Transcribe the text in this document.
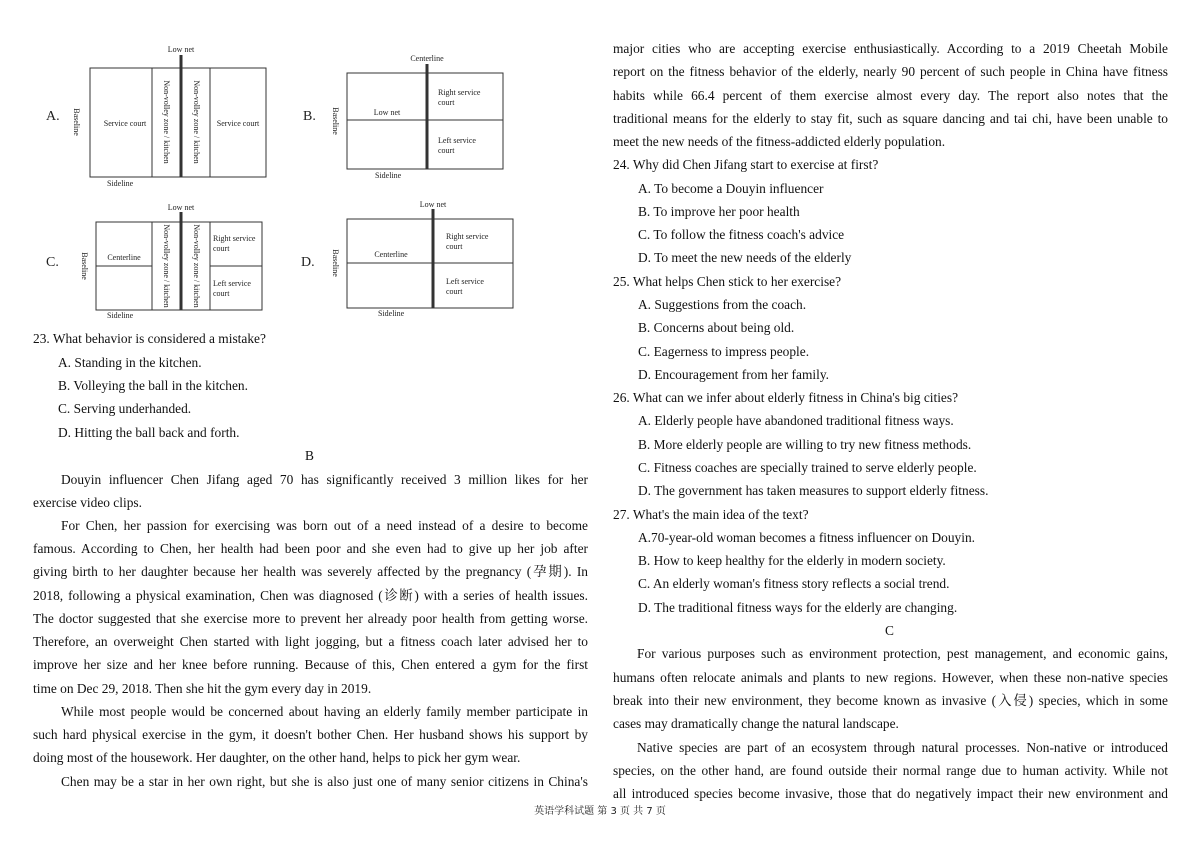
A.
Low net
Baseline
Sideline
Service court Non-volley zone / kitchen	Non-volley zone / kitchen Service court	B.
Centerline
Low net
Baseline
Sideline
Right service
court
Left service
court
C.
Low net
Baseline
Sideline
Centerline	Non-volley zone / kitchen	Non-volley zone / kitchen Right service
court
Left service
court
D.
Low net
Baseline
Sideline
Centerline
Right service
court
Left service
court
23. What behavior is considered a mistake?
A. Standing in the kitchen.
B. Volleying the ball in the kitchen.
C. Serving underhanded.
D. Hitting the ball back and forth.
B
Douyin influencer Chen Jifang aged 70 has significantly received 3 million likes for her
exercise video clips.
For Chen, her passion for exercising was born out of a need instead of a desire to become
famous. According to Chen, her health had been poor and she even had to give up her job after
giving birth to her daughter because her health was severely affected by the pregnancy (孕期). In
2018, following a physical examination, Chen was diagnosed (诊断) with a series of health issues.
The doctor suggested that she exercise more to prevent her already poor health from getting worse.
Therefore, an overweight Chen started with light jogging, but a fitness coach later advised her to
improve her size and her knee before running. Because of this, Chen entered a gym for the first
time on Dec 29, 2018. Then she hit the gym every day in 2019.
While most people would be concerned about having an elderly family member participate in
such hard physical exercise in the gym, it doesn't bother Chen. Her husband shows his support by
doing most of the housework. Her daughter, on the other hand, helps to pick her gym wear.
Chen may be a star in her own right, but she is also just one of many senior citizens in China's
major cities who are accepting exercise enthusiastically. According to a 2019 Cheetah Mobile
report on the fitness behavior of the elderly, nearly 90 percent of such people in China have fitness
habits while 66.4 percent of them exercise almost every day. The report also notes that the
traditional means for the elderly to stay fit, such as square dancing and tai chi, have been unable to
meet the new needs of the fitness-addicted elderly population.
24. Why did Chen Jifang start to exercise at first?
A. To become a Douyin influencer
B. To improve her poor health
C. To follow the fitness coach's advice
D. To meet the new needs of the elderly
25. What helps Chen stick to her exercise?
A. Suggestions from the coach.
B. Concerns about being old.
C. Eagerness to impress people.
D. Encouragement from her family.
26. What can we infer about elderly fitness in China's big cities?
A. Elderly people have abandoned traditional fitness ways.
B. More elderly people are willing to try new fitness methods.
C. Fitness coaches are specially trained to serve elderly people.
D. The government has taken measures to support elderly fitness.
27. What's the main idea of the text?
A.70-year-old woman becomes a fitness influencer on Douyin.
B. How to keep healthy for the elderly in modern society.
C. An elderly woman's fitness story reflects a social trend.
D. The traditional fitness ways for the elderly are changing.
C
For various purposes such as environment protection, pest management, and economic gains,
humans often relocate animals and plants to new regions. However, when these non-native species
break into their new environment, they become known as invasive (入侵) species, which in some
cases may dramatically change the natural landscape.
Native species are part of an ecosystem through natural processes. Non-native or introduced
species, on the other hand, are found outside their normal range due to human activity. While not
all introduced species become invasive, those that do negatively impact their new environment and
英语学科试题 第 3 页 共 7 页
